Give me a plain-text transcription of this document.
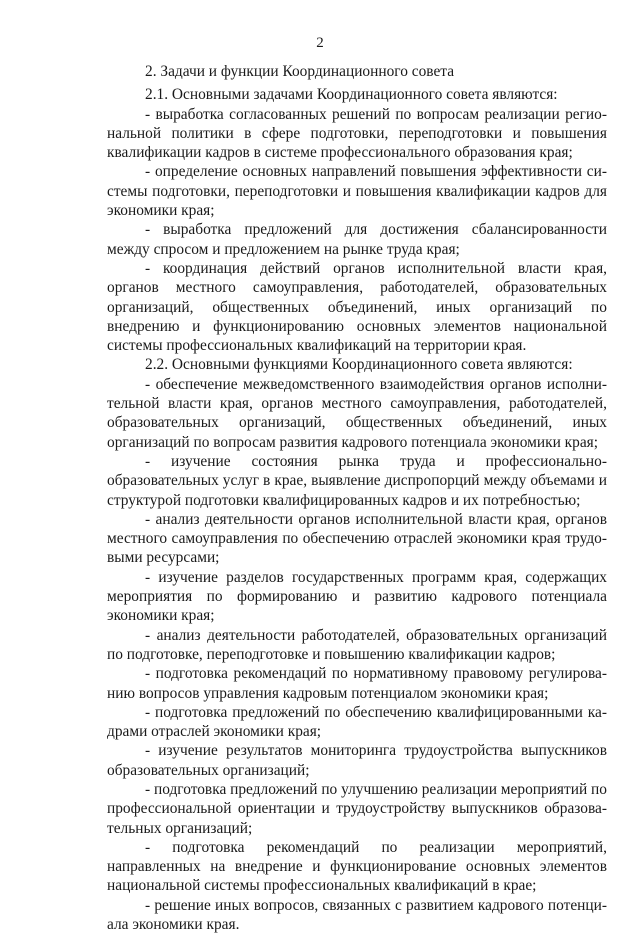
2

2. Задачи и функции Координационного совета

2.1. Основными задачами Координационного совета являются:

- выработка согласованных решений по вопросам реализации региональной политики в сфере подготовки, переподготовки и повышения квалификации кадров в системе профессионального образования края;

- определение основных направлений повышения эффективности системы подготовки, переподготовки и повышения квалификации кадров для экономики края;

- выработка предложений для достижения сбалансированности между спросом и предложением на рынке труда края;

- координация действий органов исполнительной власти края, органов местного самоуправления, работодателей, образовательных организаций, общественных объединений, иных организаций по внедрению и функционированию основных элементов национальной системы профессиональных квалификаций на территории края.

2.2. Основными функциями Координационного совета являются:

- обеспечение межведомственного взаимодействия органов исполнительной власти края, органов местного самоуправления, работодателей, образовательных организаций, общественных объединений, иных организаций по вопросам развития кадрового потенциала экономики края;

- изучение состояния рынка труда и профессионально-образовательных услуг в крае, выявление диспропорций между объемами и структурой подготовки квалифицированных кадров и их потребностью;

- анализ деятельности органов исполнительной власти края, органов местного самоуправления по обеспечению отраслей экономики края трудовыми ресурсами;

- изучение разделов государственных программ края, содержащих мероприятия по формированию и развитию кадрового потенциала экономики края;

- анализ деятельности работодателей, образовательных организаций по подготовке, переподготовке и повышению квалификации кадров;

- подготовка рекомендаций по нормативному правовому регулированию вопросов управления кадровым потенциалом экономики края;

- подготовка предложений по обеспечению квалифицированными кадрами отраслей экономики края;

- изучение результатов мониторинга трудоустройства выпускников образовательных организаций;

- подготовка предложений по улучшению реализации мероприятий по профессиональной ориентации и трудоустройству выпускников образовательных организаций;

- подготовка рекомендаций по реализации мероприятий, направленных на внедрение и функционирование основных элементов национальной системы профессиональных квалификаций в крае;

- решение иных вопросов, связанных с развитием кадрового потенциала экономики края.
